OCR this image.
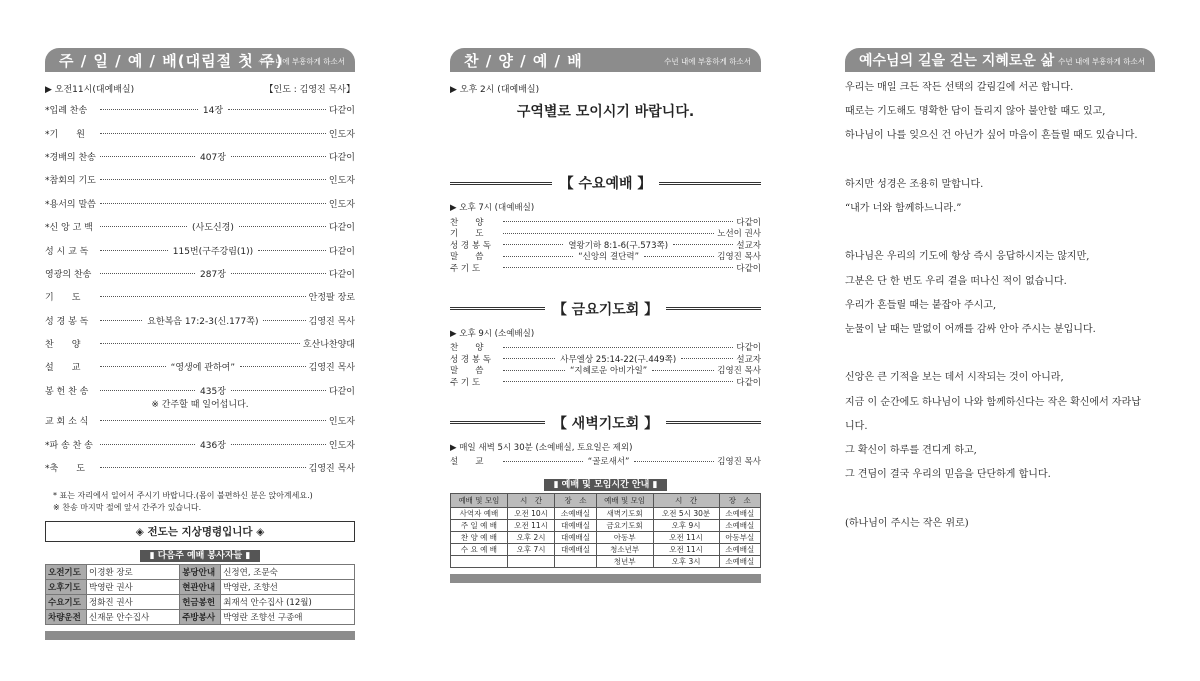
주 / 일 / 예 / 배(대림절 첫 주)
수년 내에 부흥하게 하소서
▶ 오전11시(대예배실)	【인도 : 김영진 목사】
*입례 찬송	14장	다같이
*기　　원	인도자
*경배의 찬송	407장	다같이
*참회의 기도	인도자
*용서의 말씀	인도자
*신 앙 고 백	(사도신경)	다같이
성 시 교 독	115번(구주강림(1))	다같이
영광의 찬송	287장	다같이
기　　도	안정팔 장로
성 경 봉 독	요한복음 17:2-3(신.177쪽)	김영진 목사
찬　　양	호산나찬양대
설　　교	“영생에 관하여”	김영진 목사
봉 헌 찬 송	435장	다같이
※ 간주할 때 일어섭니다.
교 회 소 식	인도자
*파 송 찬 송	436장	인도자
*축　　도	김영진 목사
* 표는 자리에서 일어서 주시기 바랍니다.(몸이 불편하신 분은 앉아계세요.)
※ 찬송 마지막 절에 앞서 간주가 있습니다.
◈ 전도는 지상명령입니다 ◈
▮ 다음주 예배 봉사자들 ▮
오전기도	이경환 장로	봉당안내	신정연, 조문숙
오후기도	박영란 권사	현관안내	박영란, 조향선
수요기도	정화진 권사	헌금봉헌	최재석 안수집사 (12월)
차량운전	신재문 안수집사	주방봉사	박영란 조향선 구종애
찬 / 양 / 예 / 배	수년 내에 부흥하게 하소서
▶ 오후 2시 (대예배실)
구역별로 모이시기 바랍니다.
【 수요예배 】
▶ 오후 7시 (대예배실)
찬　　양	다같이
기　　도	노선이 권사
성 경 봉 독	열왕기하 8:1-6(구.573쪽)	설교자
말　　씀	“신앙의 결단력”	김영진 목사
주 기 도	다같이
【 금요기도회 】
▶ 오후 9시 (소예배실)
찬　　양	다같이
성 경 봉 독	사무엘상 25:14-22(구.449쪽)	설교자
말　　씀	“지혜로운 아비가일”	김영진 목사
주 기 도	다같이
【 새벽기도회 】
▶ 매일 새벽 5시 30분 (소예배실, 토요일은 제외)
설　　교	“골로새서”	김영진 목사
▮ 예배 및 모임시간 안내 ▮
예배 및 모임	시　간	장　소	예배 및 모임	시　간	장　소
사역자 예배	오전 10시	소예배실	새벽기도회	오전 5시 30분	소예배실
주 일 예 배	오전 11시	대예배실	금요기도회	오후 9시	소예배실
찬 양 예 배	오후 2시	대예배실	아동부	오전 11시	아동부실
수 요 예 배	오후 7시	대예배실	청소년부	오전 11시	소예배실
			청년부	오후 3시	소예배실
예수님의 길을 걷는 지혜로운 삶 수년 내에 부흥하게 하소서
우리는 매일 크든 작든 선택의 갈림길에 서곤 합니다.
때로는 기도해도 명확한 답이 들리지 않아 불안할 때도 있고,
하나님이 나를 잊으신 건 아닌가 싶어 마음이 흔들릴 때도 있습니다.
하지만 성경은 조용히 말합니다.
“내가 너와 함께하느니라.”
하나님은 우리의 기도에 항상 즉시 응답하시지는 않지만,
그분은 단 한 번도 우리 곁을 떠나신 적이 없습니다.
우리가 흔들릴 때는 붙잡아 주시고,
눈물이 날 때는 말없이 어깨를 감싸 안아 주시는 분입니다.
신앙은 큰 기적을 보는 데서 시작되는 것이 아니라,
지금 이 순간에도 하나님이 나와 함께하신다는 작은 확신에서 자라납
니다.
그 확신이 하루를 견디게 하고,
그 견딤이 결국 우리의 믿음을 단단하게 합니다.
(하나님이 주시는 작은 위로)
